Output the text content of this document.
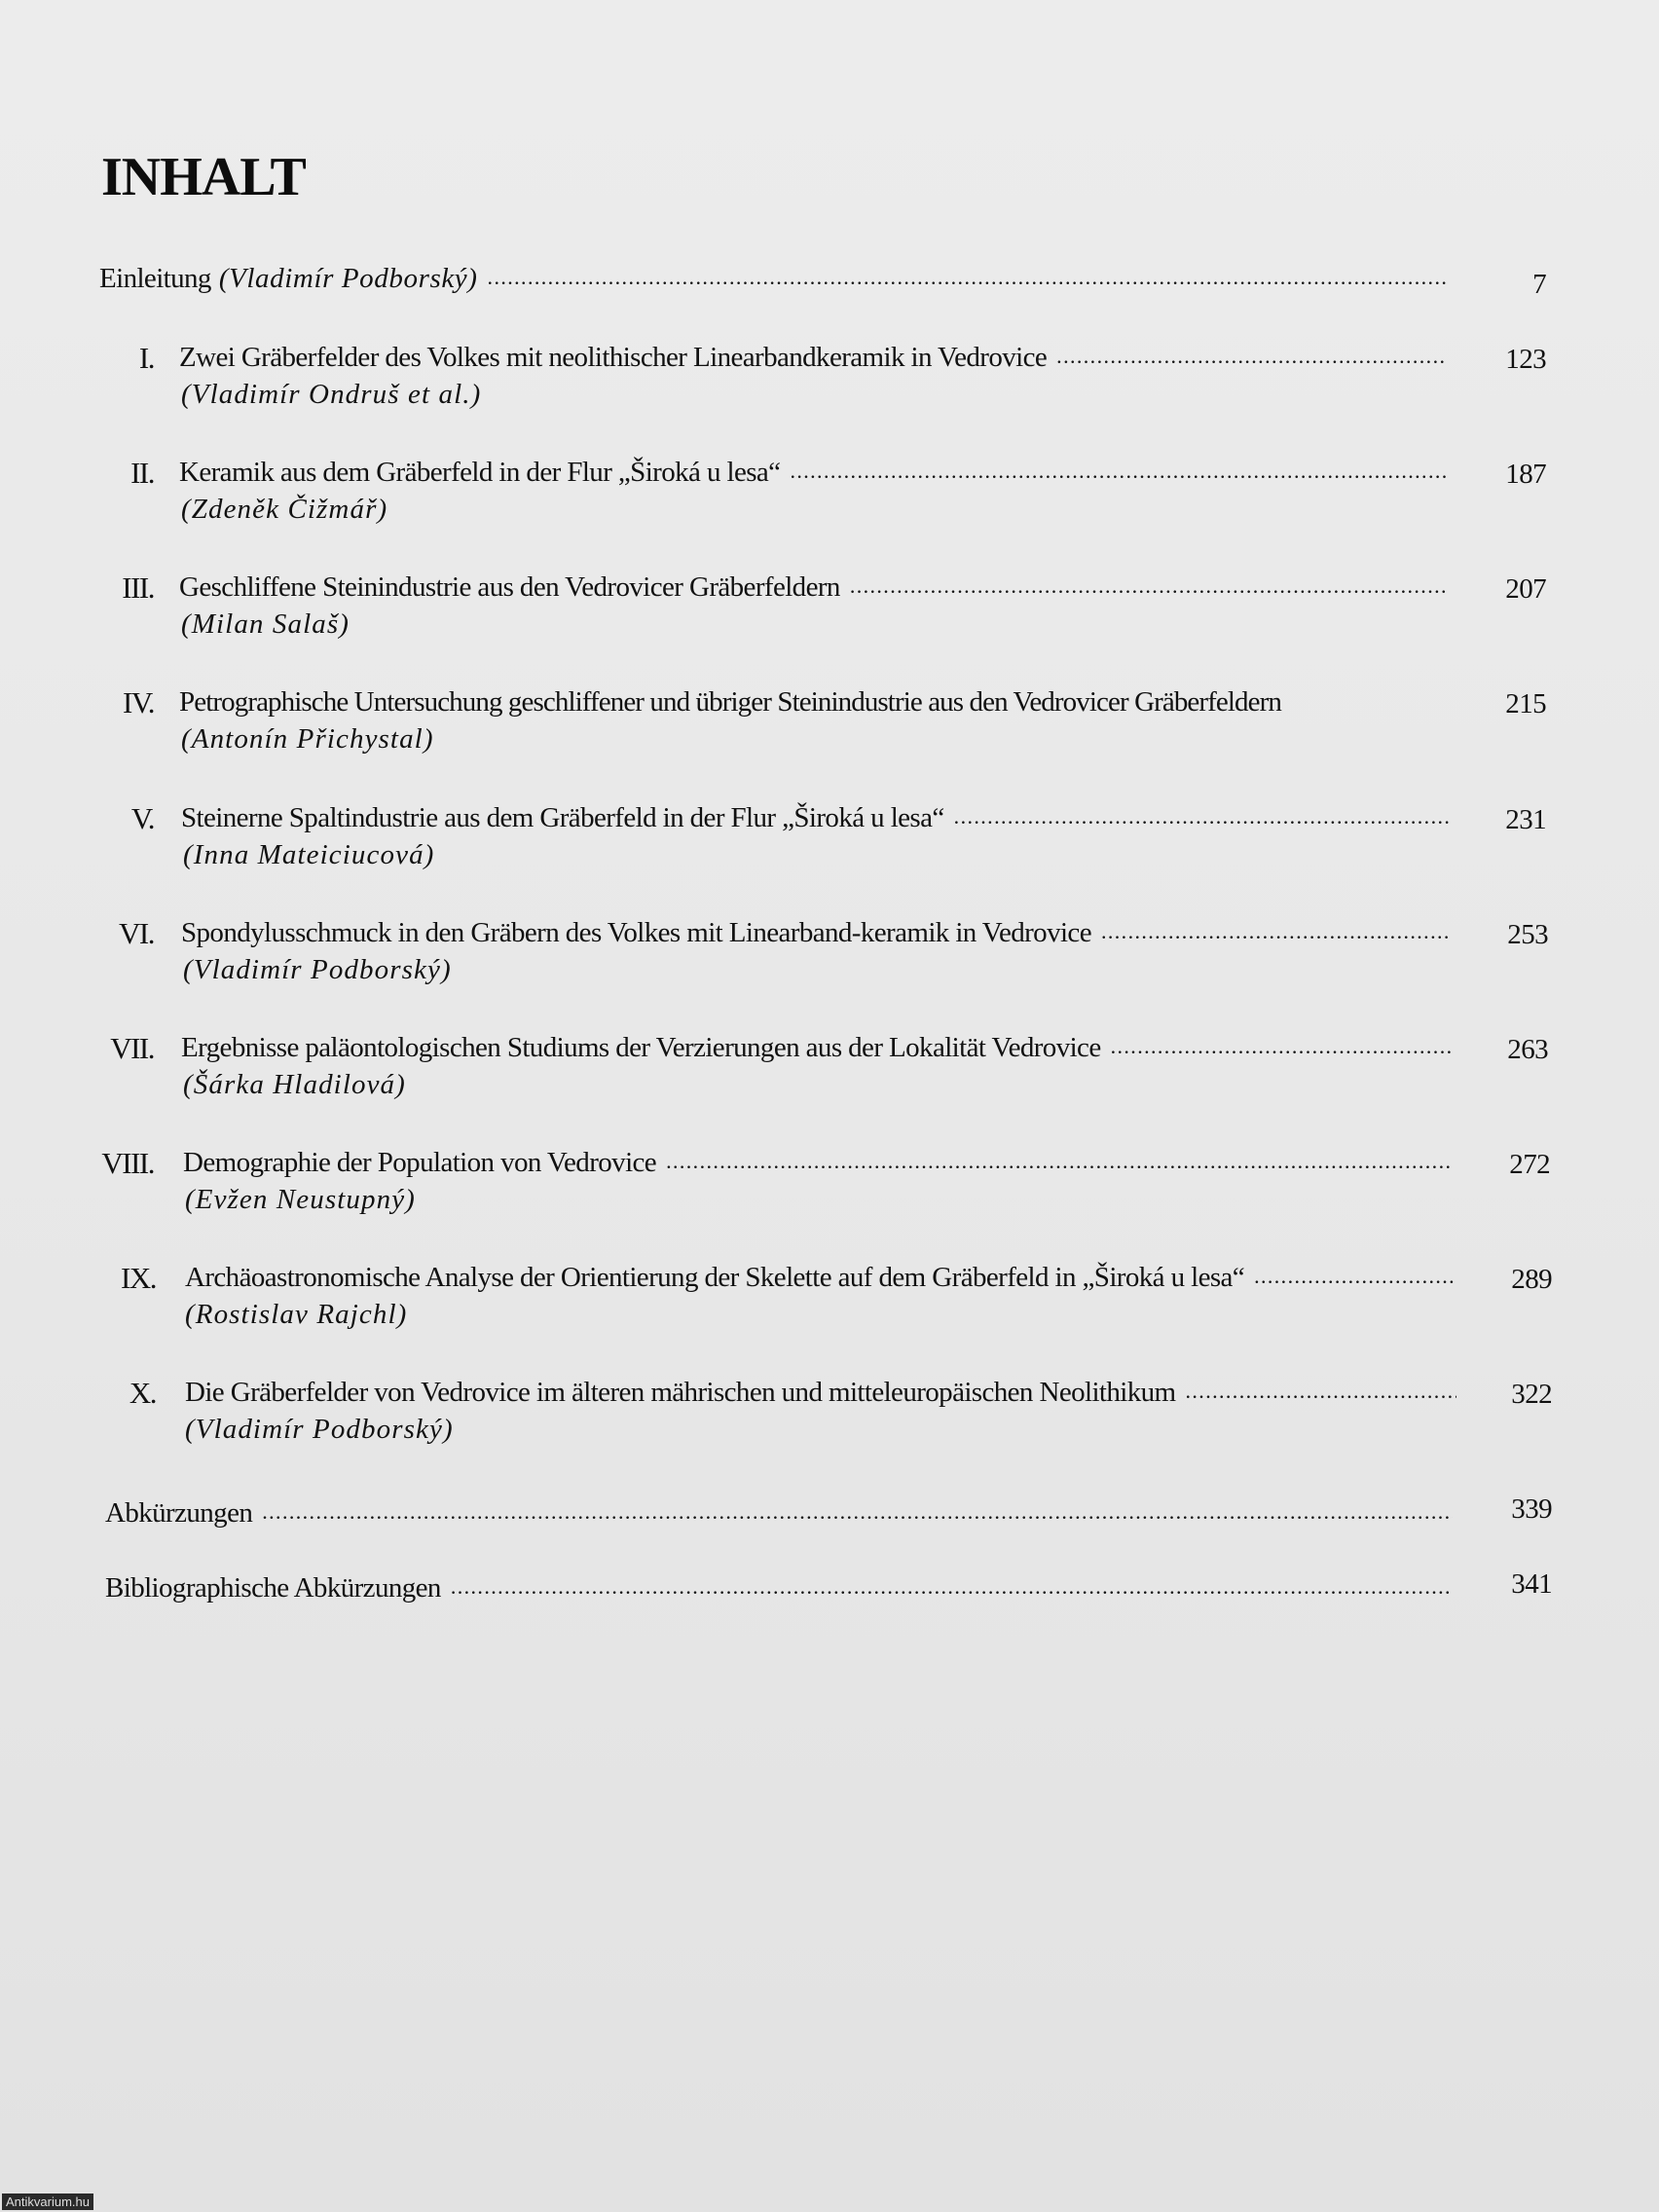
INHALT
Einleitung (Vladimír Podborský) .....	7
I. Zwei Gräberfelder des Volkes mit neolithischer Linearbandkeramik in Vedrovice .....	123
(Vladimír Ondruš et al.)
II. Keramik aus dem Gräberfeld in der Flur „Široká u lesa“ .....	187
(Zdeněk Čižmář)
III. Geschliffene Steinindustrie aus den Vedrovicer Gräberfeldern .....	207
(Milan Salaš)
IV. Petrographische Untersuchung geschliffener und übriger Steinindustrie aus den Vedrovicer Gräberfeldern	215
(Antonín Přichystal)
V. Steinerne Spaltindustrie aus dem Gräberfeld in der Flur „Široká u lesa“ .....	231
(Inna Mateiciucová)
VI. Spondylusschmuck in den Gräbern des Volkes mit Linearband-keramik in Vedrovice .....	253
(Vladimír Podborský)
VII. Ergebnisse paläontologischen Studiums der Verzierungen aus der Lokalität Vedrovice .....	263
(Šárka Hladilová)
VIII. Demographie der Population von Vedrovice .....	272
(Evžen Neustupný)
IX. Archäoastronomische Analyse der Orientierung der Skelette auf dem Gräberfeld in „Široká u lesa“ .....	289
(Rostislav Rajchl)
X. Die Gräberfelder von Vedrovice im älteren mährischen und mitteleuropäischen Neolithikum .....	322
(Vladimír Podborský)
Abkürzungen .....	339
Bibliographische Abkürzungen .....	341
Antikvarium.hu
